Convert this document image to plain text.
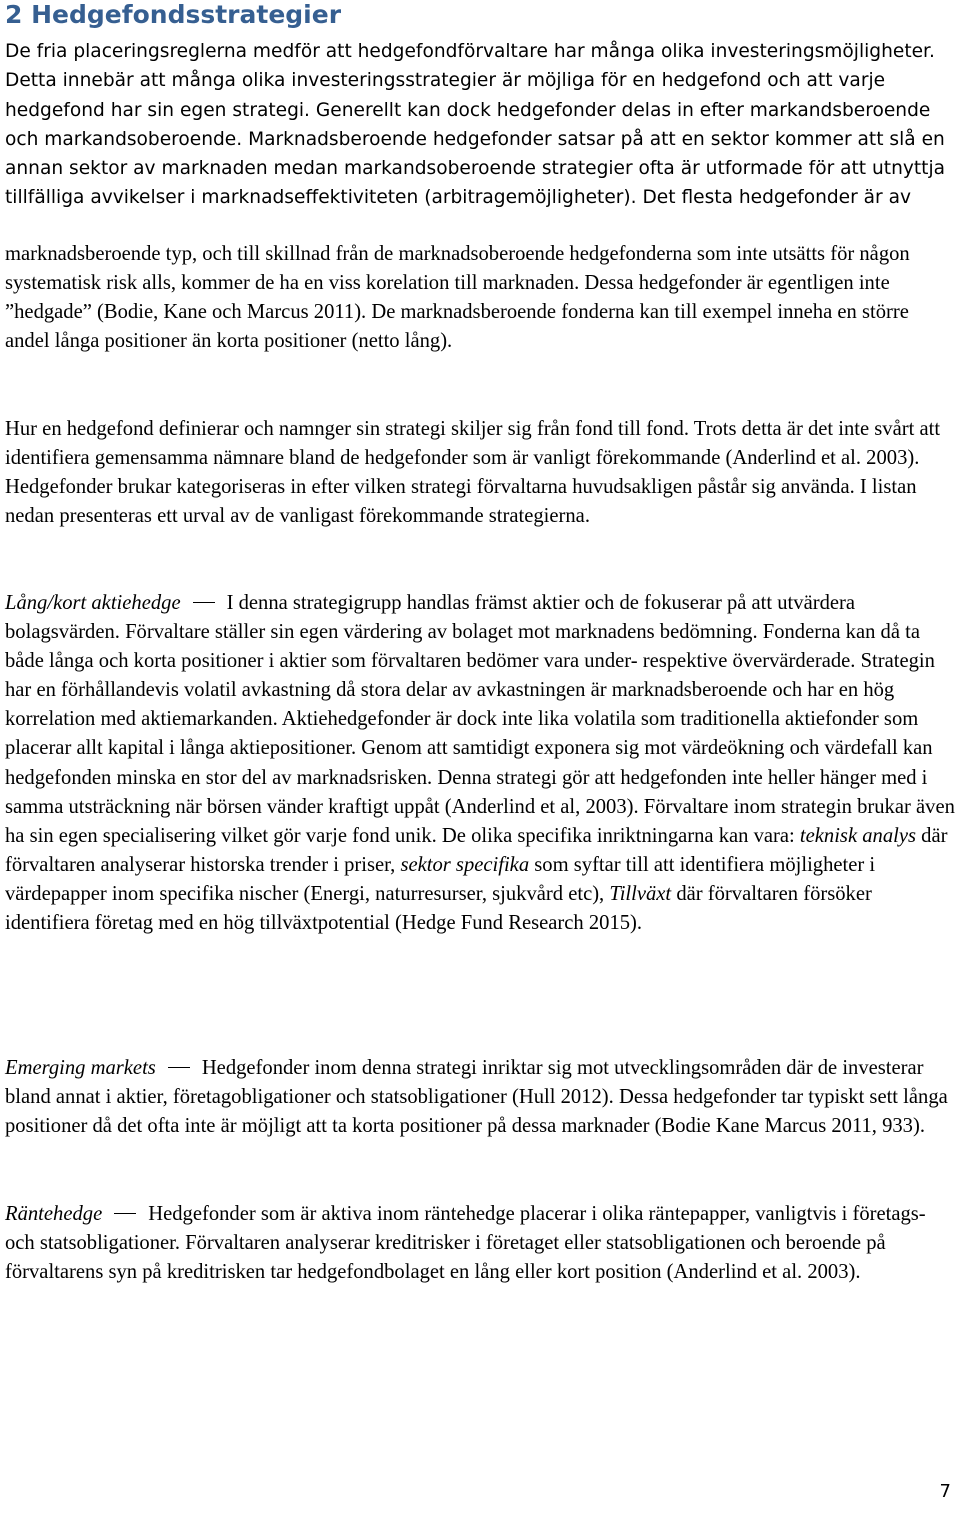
2 Hedgefondsstrategier

De fria placeringsreglerna medför att hedgefondförvaltare har många olika investeringsmöjligheter. Detta innebär att många olika investeringsstrategier är möjliga för en hedgefond och att varje hedgefond har sin egen strategi. Generellt kan dock hedgefonder delas in efter markandsberoende och markandsoberoende. Marknadsberoende hedgefonder satsar på att en sektor kommer att slå en annan sektor av marknaden medan markandsoberoende strategier ofta är utformade för att utnyttja tillfälliga avvikelser i marknadseffektiviteten (arbitragemöjligheter). Det flesta hedgefonder är av

marknadsberoende typ, och till skillnad från de marknadsoberoende hedgefonderna som inte utsätts för någon systematisk risk alls, kommer de ha en viss korelation till marknaden. Dessa hedgefonder är egentligen inte ”hedgade” (Bodie, Kane och Marcus 2011). De marknadsberoende fonderna kan till exempel inneha en större andel långa positioner än korta positioner (netto lång).

Hur en hedgefond definierar och namnger sin strategi skiljer sig från fond till fond. Trots detta är det inte svårt att identifiera gemensamma nämnare bland de hedgefonder som är vanligt förekommande (Anderlind et al. 2003). Hedgefonder brukar kategoriseras in efter vilken strategi förvaltarna huvudsakligen påstår sig använda. I listan nedan presenteras ett urval av de vanligast förekommande strategierna.

Lång/kort aktiehedge I denna strategigrupp handlas främst aktier och de fokuserar på att utvärdera bolagsvärden. Förvaltare ställer sin egen värdering av bolaget mot marknadens bedömning. Fonderna kan då ta både långa och korta positioner i aktier som förvaltaren bedömer vara under- respektive övervärderade. Strategin har en förhållandevis volatil avkastning då stora delar av avkastningen är marknadsberoende och har en hög korrelation med aktiemarkanden. Aktiehedgefonder är dock inte lika volatila som traditionella aktiefonder som placerar allt kapital i långa aktiepositioner. Genom att samtidigt exponera sig mot värdeökning och värdefall kan hedgefonden minska en stor del av marknadsrisken. Denna strategi gör att hedgefonden inte heller hänger med i samma utsträckning när börsen vänder kraftigt uppåt (Anderlind et al, 2003). Förvaltare inom strategin brukar även ha sin egen specialisering vilket gör varje fond unik. De olika specifika inriktningarna kan vara: teknisk analys där förvaltaren analyserar historska trender i priser, sektor specifika som syftar till att identifiera möjligheter i värdepapper inom specifika nischer (Energi, naturresurser, sjukvård etc), Tillväxt där förvaltaren försöker identifiera företag med en hög tillväxtpotential (Hedge Fund Research 2015).

Emerging markets Hedgefonder inom denna strategi inriktar sig mot utvecklingsområden där de investerar bland annat i aktier, företagobligationer och statsobligationer (Hull 2012). Dessa hedgefonder tar typiskt sett långa positioner då det ofta inte är möjligt att ta korta positioner på dessa marknader (Bodie Kane Marcus 2011, 933).

Räntehedge Hedgefonder som är aktiva inom räntehedge placerar i olika räntepapper, vanligtvis i företags- och statsobligationer. Förvaltaren analyserar kreditrisker i företaget eller statsobligationen och beroende på förvaltarens syn på kreditrisken tar hedgefondbolaget en lång eller kort position (Anderlind et al. 2003).

7
